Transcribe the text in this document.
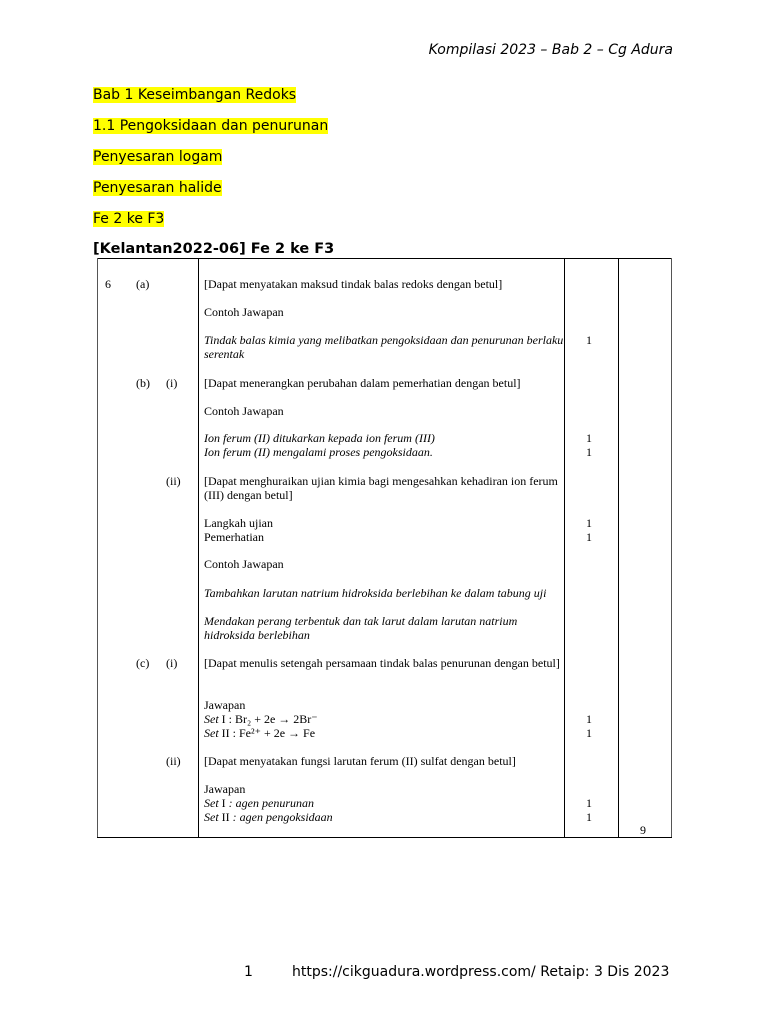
Kompilasi 2023 – Bab 2 – Cg Adura
Bab 1 Keseimbangan Redoks
1.1 Pengoksidaan dan penurunan
Penyesaran logam
Penyesaran halide
Fe 2 ke F3
[Kelantan2022-06] Fe 2 ke F3
6 (a)	[Dapat menyatakan maksud tindak balas redoks dengan betul]
Contoh Jawapan
Tindak balas kimia yang melibatkan pengoksidaan dan penurunan berlaku serentak
1
(b) (i) [Dapat menerangkan perubahan dalam pemerhatian dengan betul]
Contoh Jawapan
Ion ferum (II) ditukarkan kepada ion ferum (III)
Ion ferum (II) mengalami proses pengoksidaan.
1
1
(ii) [Dapat menghuraikan ujian kimia bagi mengesahkan kehadiran ion ferum (III) dengan betul]
Langkah ujian
Pemerhatian
1
1
Contoh Jawapan
Tambahkan larutan natrium hidroksida berlebihan ke dalam tabung uji
Mendakan perang terbentuk dan tak larut dalam larutan natrium hidroksida berlebihan
(c) (i) [Dapat menulis setengah persamaan tindak balas penurunan dengan betul]
Jawapan
Set I : Br₂ + 2e → 2Br⁻
Set II : Fe²⁺ + 2e → Fe
1
1
(ii) [Dapat menyatakan fungsi larutan ferum (II) sulfat dengan betul]
Jawapan
Set I : agen penurunan
Set II : agen pengoksidaan
1
1
9
1	https://cikguadura.wordpress.com/ Retaip: 3 Dis 2023
